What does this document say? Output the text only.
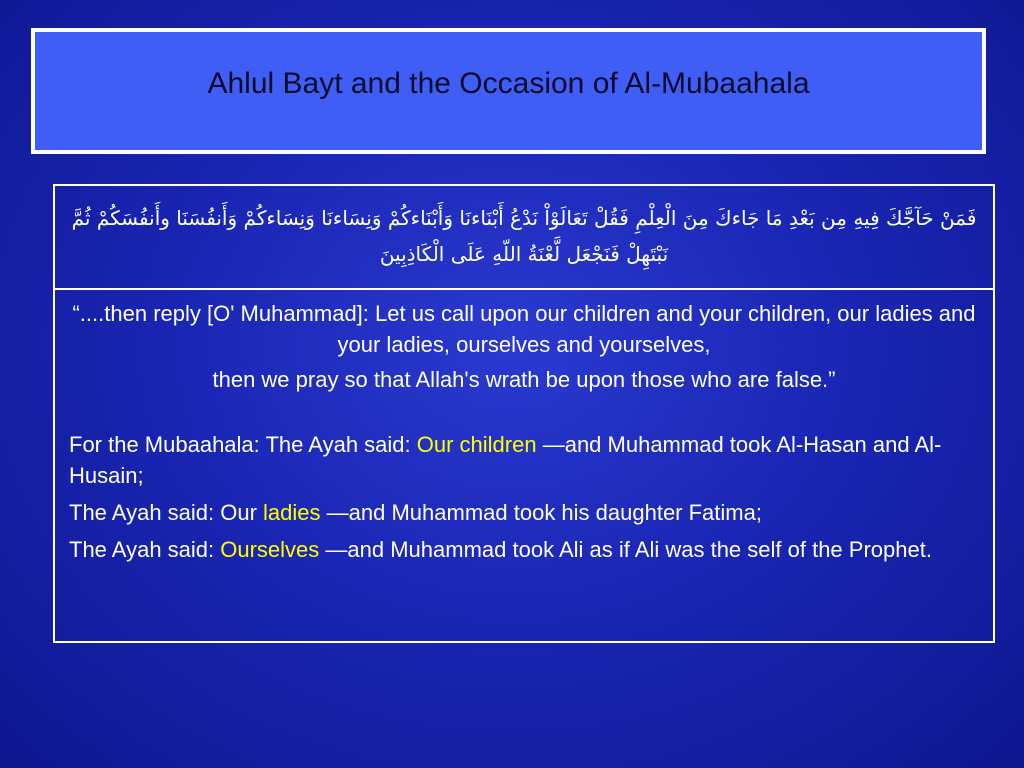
Ahlul Bayt and the Occasion of Al-Mubaahala
فَمَنْ حَآجَّكَ فِيهِ مِن بَعْدِ مَا جَاءكَ مِنَ الْعِلْمِ فَقُلْ تَعَالَوْاْ نَدْعُ أَبْنَاءنَا وَأَبْنَاءكُمْ وَنِسَاءنَا وَنِسَاءكُمْ وَأَنفُسَنَا وأَنفُسَكُمْ ثُمَّ نَبْتَهِلْ فَنَجْعَل لَّعْنَةُ اللّهِ عَلَى الْكَاذِبِينَ

“....then reply [O' Muhammad]: Let us call upon our children and your children, our ladies and your ladies, ourselves and yourselves,

then we pray so that Allah's wrath be upon those who are false.”

For the Mubaahala: The Ayah said: Our children —and Muhammad took Al-Hasan and Al-Husain;

The Ayah said: Our ladies —and Muhammad took his daughter Fatima;

The Ayah said: Ourselves —and Muhammad took Ali as if Ali was the self of the Prophet.
